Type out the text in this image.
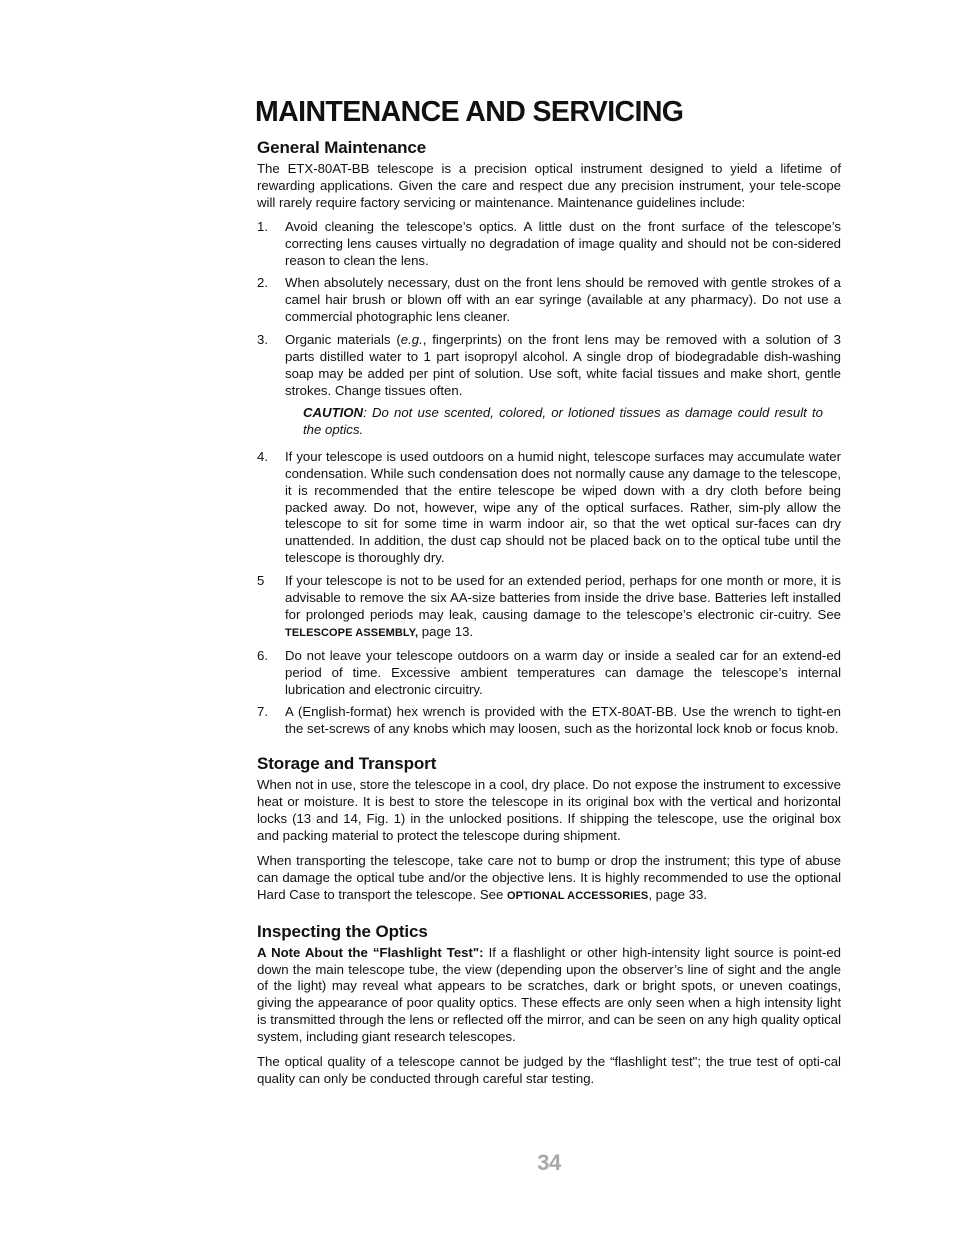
MAINTENANCE AND SERVICING
General Maintenance

The ETX-80AT-BB telescope is a precision optical instrument designed to yield a lifetime of rewarding applications. Given the care and respect due any precision instrument, your tele-scope will rarely require factory servicing or maintenance. Maintenance guidelines include:

1.	Avoid cleaning the telescope’s optics. A little dust on the front surface of the telescope’s correcting lens causes virtually no degradation of image quality and should not be con-sidered reason to clean the lens.
2.	When absolutely necessary, dust on the front lens should be removed with gentle strokes of a camel hair brush or blown off with an ear syringe (available at any pharmacy). Do not use a commercial photographic lens cleaner.
3.	Organic materials (e.g., fingerprints) on the front lens may be removed with a solution of 3 parts distilled water to 1 part isopropyl alcohol. A single drop of biodegradable dish-washing soap may be added per pint of solution. Use soft, white facial tissues and make short, gentle strokes. Change tissues often.
CAUTION: Do not use scented, colored, or lotioned tissues as damage could result to the optics.
4.	If your telescope is used outdoors on a humid night, telescope surfaces may accumulate water condensation. While such condensation does not normally cause any damage to the telescope, it is recommended that the entire telescope be wiped down with a dry cloth before being packed away. Do not, however, wipe any of the optical surfaces. Rather, sim-ply allow the telescope to sit for some time in warm indoor air, so that the wet optical sur-faces can dry unattended. In addition, the dust cap should not be placed back on to the optical tube until the telescope is thoroughly dry.
5	If your telescope is not to be used for an extended period, perhaps for one month or more, it is advisable to remove the six AA-size batteries from inside the drive base. Batteries left installed for prolonged periods may leak, causing damage to the telescope’s electronic cir-cuitry. See TELESCOPE ASSEMBLY, page 13.
6.	Do not leave your telescope outdoors on a warm day or inside a sealed car for an extend-ed period of time. Excessive ambient temperatures can damage the telescope’s internal lubrication and electronic circuitry.
7.	A (English-format) hex wrench is provided with the ETX-80AT-BB. Use the wrench to tight-en the set-screws of any knobs which may loosen, such as the horizontal lock knob or focus knob.
Storage and Transport

When not in use, store the telescope in a cool, dry place. Do not expose the instrument to excessive heat or moisture. It is best to store the telescope in its original box with the vertical and horizontal locks (13 and 14, Fig. 1) in the unlocked positions. If shipping the telescope, use the original box and packing material to protect the telescope during shipment.

When transporting the telescope, take care not to bump or drop the instrument; this type of abuse can damage the optical tube and/or the objective lens. It is highly recommended to use the optional Hard Case to transport the telescope. See OPTIONAL ACCESSORIES, page 33.

Inspecting the Optics

A Note About the “Flashlight Test": If a flashlight or other high-intensity light source is point-ed down the main telescope tube, the view (depending upon the observer’s line of sight and the angle of the light) may reveal what appears to be scratches, dark or bright spots, or uneven coatings, giving the appearance of poor quality optics. These effects are only seen when a high intensity light is transmitted through the lens or reflected off the mirror, and can be seen on any high quality optical system, including giant research telescopes.

The optical quality of a telescope cannot be judged by the “flashlight test"; the true test of opti-cal quality can only be conducted through careful star testing.

34
